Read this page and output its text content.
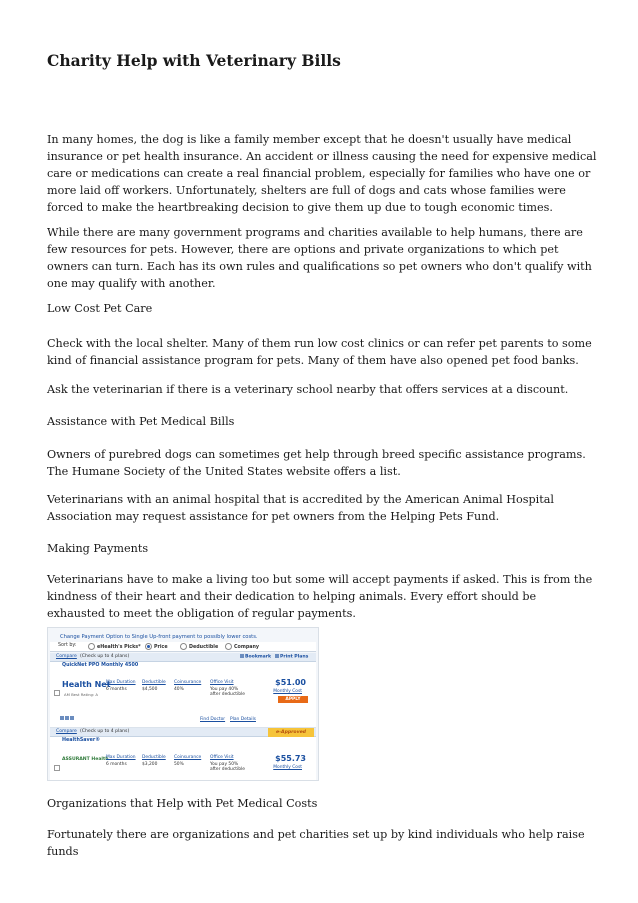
Charity Help with Veterinary Bills

In many homes, the dog is like a family member except that he doesn't usually have medical insurance or pet health insurance. An accident or illness causing the need for expensive medical care or medications can create a real financial problem, especially for families who have one or more laid off workers. Unfortunately, shelters are full of dogs and cats whose families were forced to make the heartbreaking decision to give them up due to tough economic times.

While there are many government programs and charities available to help humans, there are few resources for pets. However, there are options and private organizations to which pet owners can turn. Each has its own rules and qualifications so pet owners who don't qualify with one may qualify with another.

Low Cost Pet Care

Check with the local shelter. Many of them run low cost clinics or can refer pet parents to some kind of financial assistance program for pets. Many of them have also opened pet food banks.

Ask the veterinarian if there is a veterinary school nearby that offers services at a discount.

Assistance with Pet Medical Bills

Owners of purebred dogs can sometimes get help through breed specific assistance programs. The Humane Society of the United States website offers a list.

Veterinarians with an animal hospital that is accredited by the American Animal Hospital Association may request assistance for pet owners from the Helping Pets Fund.

Making Payments

Veterinarians have to make a living too but some will accept payments if asked. This is from the kindness of their heart and their dedication to helping animals. Every effort should be exhausted to meet the obligation of regular payments.

Change Payment Option to Single Up-front payment to possibly lower costs.
Sort by:	eHealth's Picks*	Price	Deductible	Company
Compare (Check up to 4 plans)	Bookmark	Print Plans
QuickNet PPO Monthly 4500
Health Net
AM Best Rating: A
Max Duration
6 months
Deductible
$4,500
Coinsurance
40%
Office Visit
You pay 40% after deductible
$51.00
Monthly Cost
APPLY
Find Doctor Plan Details
Compare (Check up to 4 plans)
HealthSaver®
e-Approved
ASSURANT Health
Max Duration
6 months
Deductible
$3,200
Coinsurance
50%
Office Visit
You pay 50% after deductible
$55.73
Monthly Cost

Organizations that Help with Pet Medical Costs

Fortunately there are organizations and pet charities set up by kind individuals who help raise funds
